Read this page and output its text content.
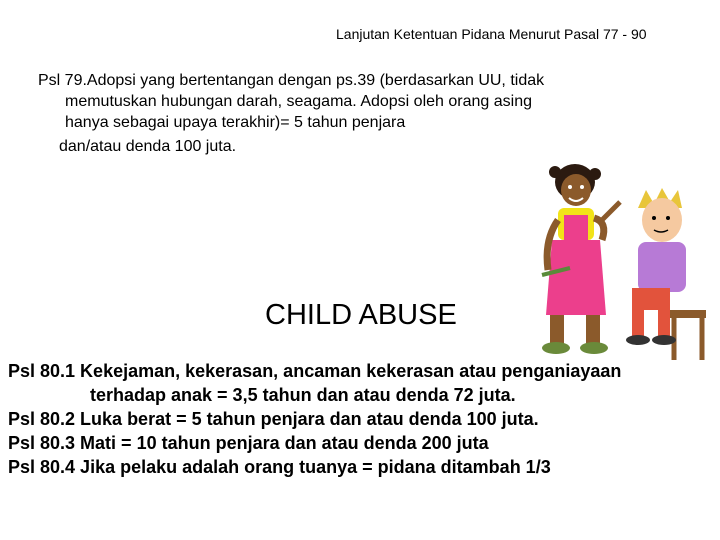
Lanjutan Ketentuan Pidana Menurut Pasal 77 - 90
Psl 79.Adopsi yang bertentangan dengan ps.39 (berdasarkan UU, tidak
memutuskan hubungan darah, seagama. Adopsi oleh orang asing
hanya sebagai upaya terakhir)= 5 tahun penjara
dan/atau denda 100 juta.
CHILD ABUSE
Psl 80.1 Kekejaman, kekerasan, ancaman kekerasan atau penganiayaan
terhadap anak = 3,5 tahun dan atau denda 72 juta.
Psl 80.2 Luka berat = 5 tahun penjara dan atau denda 100 juta.
Psl 80.3 Mati = 10 tahun penjara dan atau denda 200 juta
Psl 80.4 Jika pelaku adalah orang tuanya = pidana ditambah 1/3
